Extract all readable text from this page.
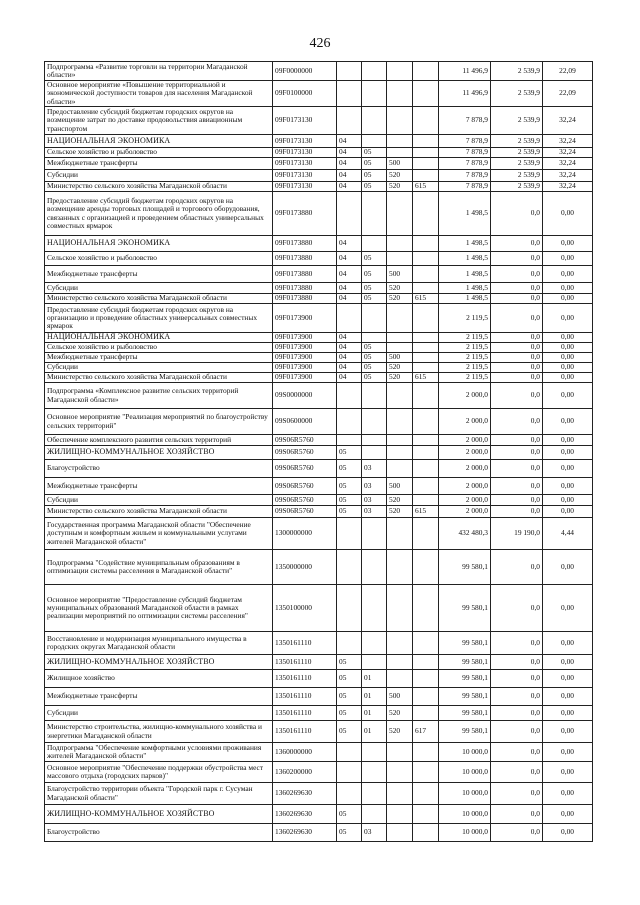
426
Подпрограмма «Развитие торговли на территории Магаданской области»	09F0000000					11 496,9	2 539,9	22,09
Основное мероприятие «Повышение территориальной и экономической доступности товаров для населения Магаданской области»	09F0100000					11 496,9	2 539,9	22,09
Предоставление субсидий бюджетам городских округов на возмещение затрат по доставке продовольствия авиационным транспортом	09F0173130					7 878,9	2 539,9	32,24
НАЦИОНАЛЬНАЯ ЭКОНОМИКА	09F0173130	04				7 878,9	2 539,9	32,24
Сельское хозяйство и рыболовство	09F0173130	04	05			7 878,9	2 539,9	32,24
Межбюджетные трансферты	09F0173130	04	05	500		7 878,9	2 539,9	32,24
Субсидии	09F0173130	04	05	520		7 878,9	2 539,9	32,24
Министерство сельского хозяйства Магаданской области	09F0173130	04	05	520	615	7 878,9	2 539,9	32,24
Предоставление субсидий бюджетам городских округов на возмещение аренды торговых площадей и торгового оборудования, связанных с организацией и проведением областных универсальных совместных ярмарок	09F0173880					1 498,5	0,0	0,00
НАЦИОНАЛЬНАЯ ЭКОНОМИКА	09F0173880	04				1 498,5	0,0	0,00
Сельское хозяйство и рыболовство	09F0173880	04	05			1 498,5	0,0	0,00
Межбюджетные трансферты	09F0173880	04	05	500		1 498,5	0,0	0,00
Субсидии	09F0173880	04	05	520		1 498,5	0,0	0,00
Министерство сельского хозяйства Магаданской области	09F0173880	04	05	520	615	1 498,5	0,0	0,00
Предоставление субсидий бюджетам городских округов на организацию и проведение областных универсальных совместных ярмарок	09F0173900					2 119,5	0,0	0,00
НАЦИОНАЛЬНАЯ ЭКОНОМИКА	09F0173900	04				2 119,5	0,0	0,00
Сельское хозяйство и рыболовство	09F0173900	04	05			2 119,5	0,0	0,00
Межбюджетные трансферты	09F0173900	04	05	500		2 119,5	0,0	0,00
Субсидии	09F0173900	04	05	520		2 119,5	0,0	0,00
Министерство сельского хозяйства Магаданской области	09F0173900	04	05	520	615	2 119,5	0,0	0,00
Подпрограмма «Комплексное развитие сельских территорий Магаданской области»	09S0000000					2 000,0	0,0	0,00
Основное мероприятие "Реализация мероприятий по благоустройству сельских территорий"	09S0600000					2 000,0	0,0	0,00
Обеспечение комплексного развития сельских территорий	09S06R5760					2 000,0	0,0	0,00
ЖИЛИЩНО-КОММУНАЛЬНОЕ ХОЗЯЙСТВО	09S06R5760	05				2 000,0	0,0	0,00
Благоустройство	09S06R5760	05	03			2 000,0	0,0	0,00
Межбюджетные трансферты	09S06R5760	05	03	500		2 000,0	0,0	0,00
Субсидии	09S06R5760	05	03	520		2 000,0	0,0	0,00
Министерство сельского хозяйства Магаданской области	09S06R5760	05	03	520	615	2 000,0	0,0	0,00
Государственная программа Магаданской области "Обеспечение доступным и комфортным жильем и коммунальными услугами жителей Магаданской области"	1300000000					432 480,3	19 190,0	4,44
Подпрограмма "Содействие муниципальным образованиям в оптимизации системы расселения в Магаданской области"	1350000000					99 580,1	0,0	0,00
Основное мероприятие "Предоставление субсидий бюджетам муниципальных образований Магаданской области в рамках реализации мероприятий по оптимизации системы расселения"	1350100000					99 580,1	0,0	0,00
Восстановление и модернизация муниципального имущества в городских округах Магаданской области	1350161110					99 580,1	0,0	0,00
ЖИЛИЩНО-КОММУНАЛЬНОЕ ХОЗЯЙСТВО	1350161110	05				99 580,1	0,0	0,00
Жилищное хозяйство	1350161110	05	01			99 580,1	0,0	0,00
Межбюджетные трансферты	1350161110	05	01	500		99 580,1	0,0	0,00
Субсидии	1350161110	05	01	520		99 580,1	0,0	0,00
Министерство строительства, жилищно-коммунального хозяйства и энергетики Магаданской области	1350161110	05	01	520	617	99 580,1	0,0	0,00
Подпрограмма "Обеспечение комфортными условиями проживания жителей Магаданской области"	1360000000					10 000,0	0,0	0,00
Основное мероприятие "Обеспечение поддержки обустройства мест массового отдыха (городских парков)"	1360200000					10 000,0	0,0	0,00
Благоустройство территории объекта "Городской парк г. Сусуман Магаданской области"	1360269630					10 000,0	0,0	0,00
ЖИЛИЩНО-КОММУНАЛЬНОЕ ХОЗЯЙСТВО	1360269630	05				10 000,0	0,0	0,00
Благоустройство	1360269630	05	03			10 000,0	0,0	0,00
